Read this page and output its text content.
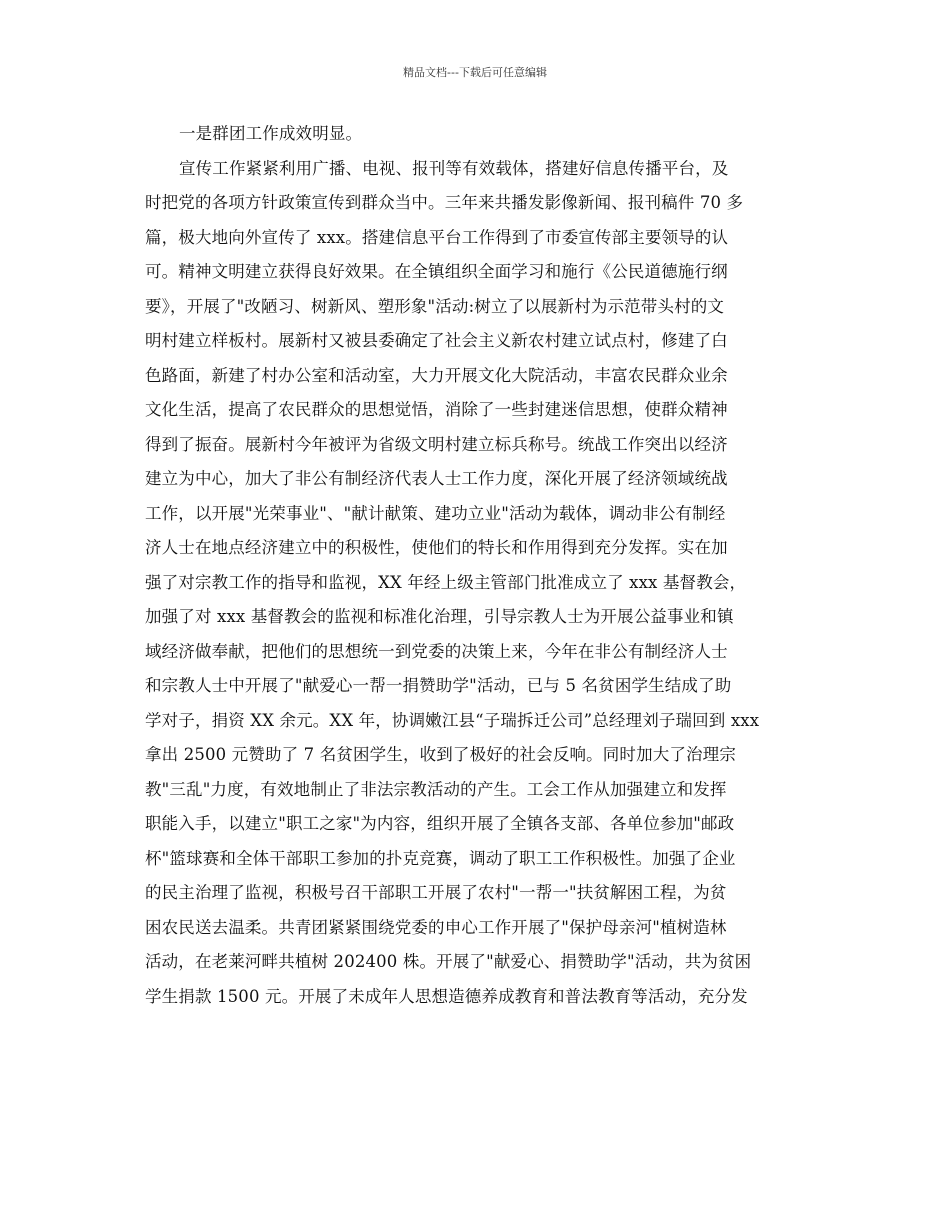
精品文档---下载后可任意编辑
一是群团工作成效明显。
宣传工作紧紧利用广播、电视、报刊等有效载体，搭建好信息传播平台，及
时把党的各项方针政策宣传到群众当中。三年来共播发影像新闻、报刊稿件 70 多
篇，极大地向外宣传了 xxx。搭建信息平台工作得到了市委宣传部主要领导的认
可。精神文明建立获得良好效果。在全镇组织全面学习和施行《公民道德施行纲
要》，开展了"改陋习、树新风、塑形象"活动:树立了以展新村为示范带头村的文
明村建立样板村。展新村又被县委确定了社会主义新农村建立试点村，修建了白
色路面，新建了村办公室和活动室，大力开展文化大院活动，丰富农民群众业余
文化生活，提高了农民群众的思想觉悟，消除了一些封建迷信思想，使群众精神
得到了振奋。展新村今年被评为省级文明村建立标兵称号。统战工作突出以经济
建立为中心，加大了非公有制经济代表人士工作力度，深化开展了经济领域统战
工作，以开展"光荣事业"、"献计献策、建功立业"活动为载体，调动非公有制经
济人士在地点经济建立中的积极性，使他们的特长和作用得到充分发挥。实在加
强了对宗教工作的指导和监视，XX 年经上级主管部门批准成立了 xxx 基督教会，
加强了对 xxx 基督教会的监视和标准化治理，引导宗教人士为开展公益事业和镇
域经济做奉献，把他们的思想统一到党委的决策上来，今年在非公有制经济人士
和宗教人士中开展了"献爱心一帮一捐赞助学"活动，已与 5 名贫困学生结成了助
学对子，捐资 XX 余元。XX 年，协调嫩江县“子瑞拆迁公司”总经理刘子瑞回到 xxx
拿出 2500 元赞助了 7 名贫困学生，收到了极好的社会反响。同时加大了治理宗
教"三乱"力度，有效地制止了非法宗教活动的产生。工会工作从加强建立和发挥
职能入手，以建立"职工之家"为内容，组织开展了全镇各支部、各单位参加"邮政
杯"篮球赛和全体干部职工参加的扑克竞赛，调动了职工工作积极性。加强了企业
的民主治理了监视，积极号召干部职工开展了农村"一帮一"扶贫解困工程，为贫
困农民送去温柔。共青团紧紧围绕党委的申心工作开展了"保护母亲河"植树造林
活动，在老莱河畔共植树 202400 株。开展了"献爱心、捐赞助学"活动，共为贫困
学生捐款 1500 元。开展了未成年人思想造德养成教育和普法教育等活动，充分发
